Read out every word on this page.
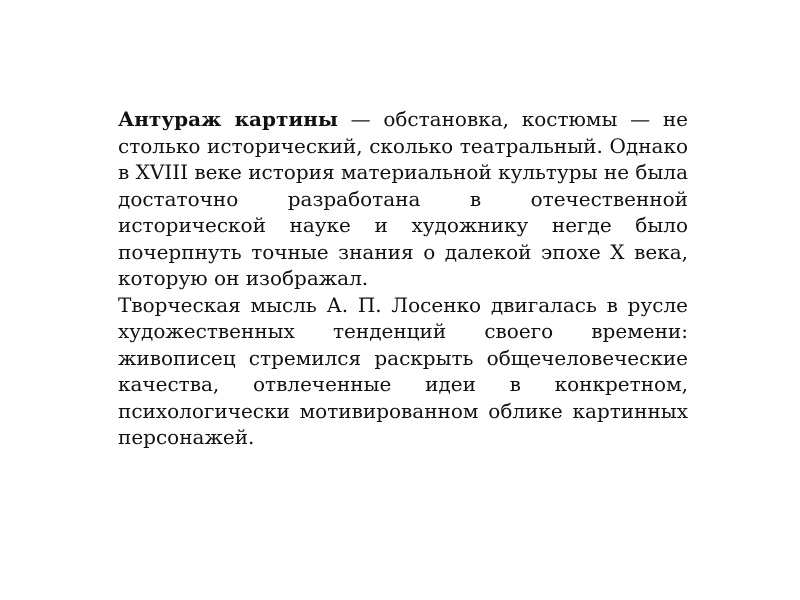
Антураж картины — обстановка, костюмы — не столько исторический, сколько театральный. Однако в XVIII веке история материальной культуры не была достаточно разработана в отечественной исторической науке и художнику негде было почерпнуть точные знания о далекой эпохе X века, которую он изображал.

Творческая мысль А. П. Лосенко двигалась в русле художественных тенденций своего времени: живописец стремился раскрыть общечеловеческие качества, отвлеченные идеи в конкретном, психологически мотивированном облике картинных персонажей.
